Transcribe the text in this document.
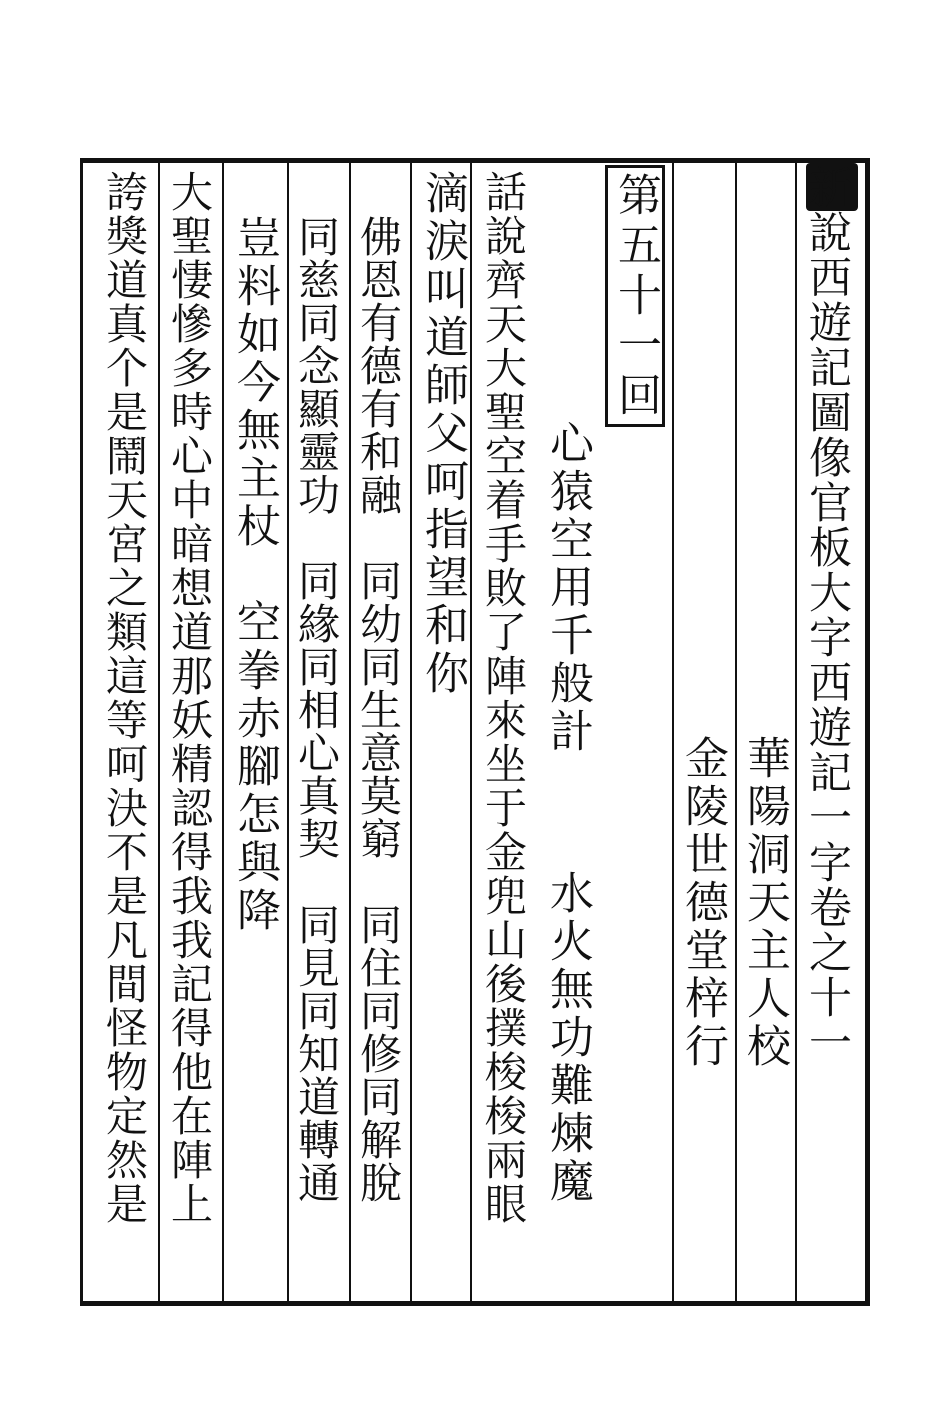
新說西遊記圖像官板大字西遊記一字卷之十一
華陽洞天主人校
金陵世德堂梓行
第五十一回
心猿空用千般計
水火無功難煉魔
話說齊天大聖空着手敗了陣來坐于金兜山後撲梭梭兩眼
滴淚叫道師父呵指望和你
佛恩有德有和融　同幼同生意莫窮　同住同修同解脫
同慈同念顯靈功　同緣同相心真契　同見同知道轉通
豈料如今無主杖　空拳赤腳怎與降
大聖悽慘多時心中暗想道那妖精認得我我記得他在陣上
誇獎道真个是鬧天宮之類這等呵決不是凡間怪物定然是
